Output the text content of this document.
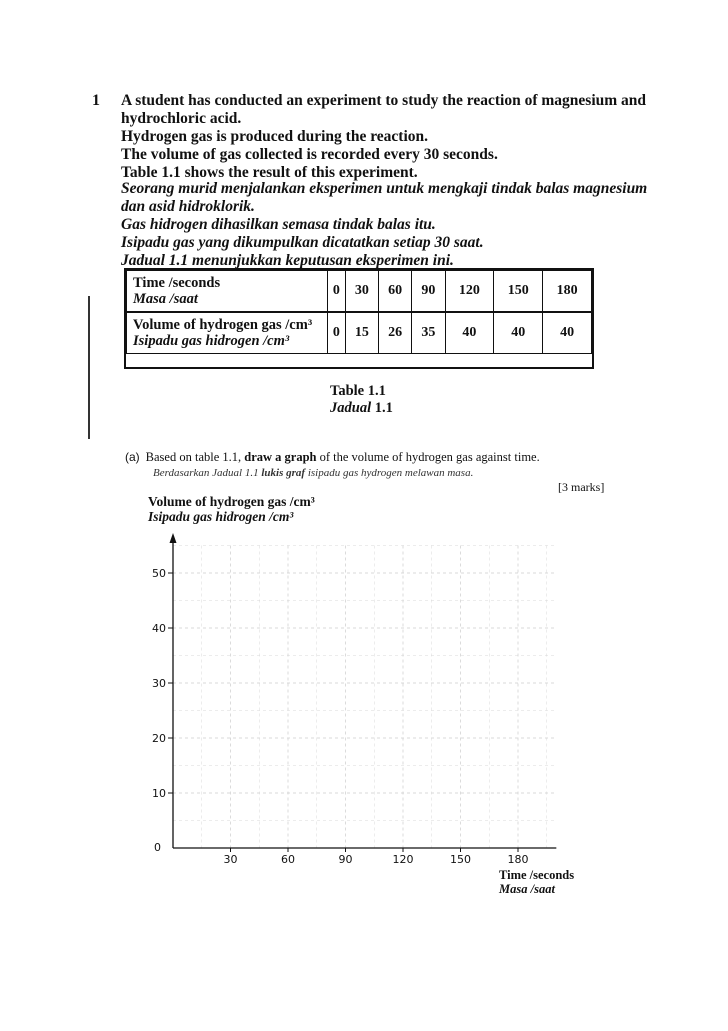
1 A student has conducted an experiment to study the reaction of magnesium and
hydrochloric acid.
Hydrogen gas is produced during the reaction.
The volume of gas collected is recorded every 30 seconds.
Table 1.1 shows the result of this experiment.
Seorang murid menjalankan eksperimen untuk mengkaji tindak balas magnesium
dan asid hidroklorik.
Gas hidrogen dihasilkan semasa tindak balas itu.
Isipadu gas yang dikumpulkan dicatatkan setiap 30 saat.
Jadual 1.1 menunjukkan keputusan eksperimen ini.
Time /seconds
Masa /saat	0	30	60	90	120	150	180

Volume of hydrogen gas /cm³
Isipadu gas hidrogen /cm³	0	15	26	35	40	40	40
Table 1.1
Jadual 1.1
(a) Based on table 1.1, draw a graph of the volume of hydrogen gas against time.
Berdasarkan Jadual 1.1 lukis graf isipadu gas hydrogen melawan masa.
[3 marks]
Volume of hydrogen gas /cm³
Isipadu gas hidrogen /cm³
10
20
30
40
50
30	60	90	120	150	180
0
Time /seconds
Masa /saat
